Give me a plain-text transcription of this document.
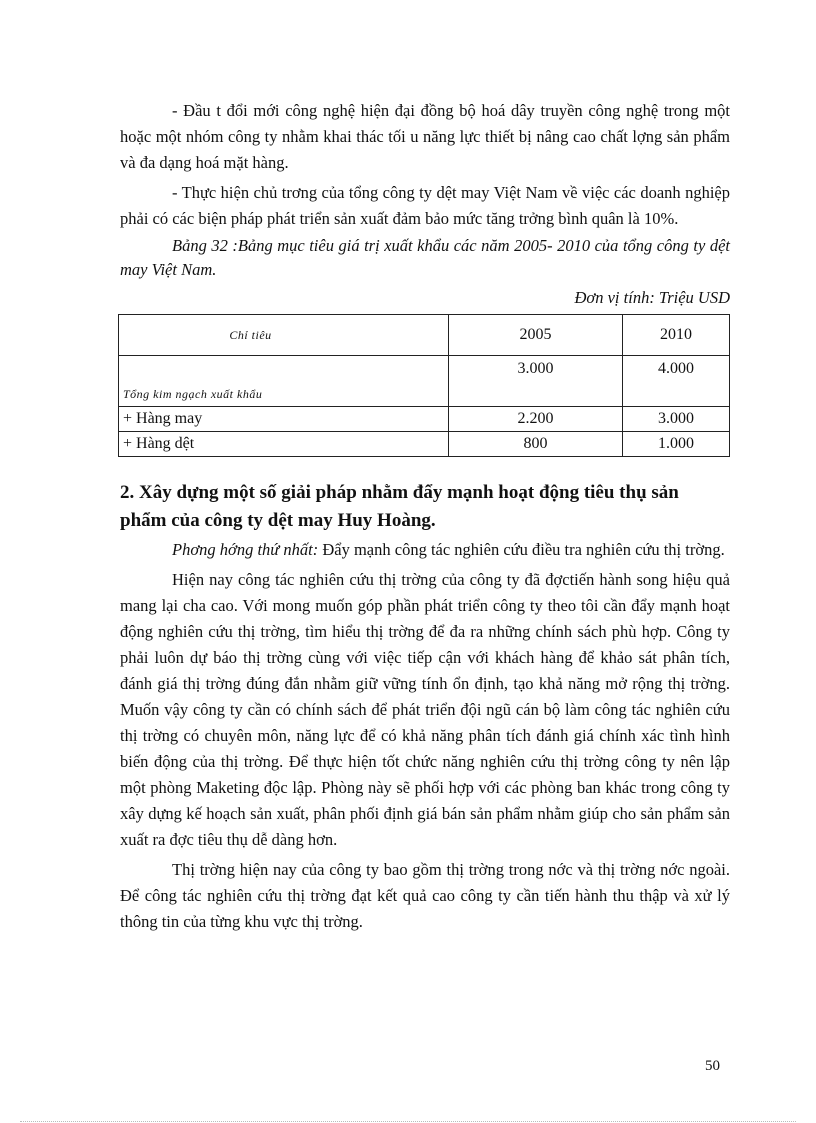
- Đầu t đổi mới công nghệ hiện đại đồng bộ hoá dây truyền công nghệ trong một hoặc một nhóm công ty nhằm khai thác tối u năng lực thiết bị nâng cao chất lợng sản phẩm và đa dạng hoá mặt hàng.

- Thực hiện chủ trơng của tổng công ty dệt may Việt Nam về việc các doanh nghiệp phải có các biện pháp phát triển sản xuất đảm bảo mức tăng trởng bình quân là 10%.

Bảng 32 :Bảng mục tiêu giá trị xuất khẩu các năm 2005- 2010 của tổng công ty dệt may Việt Nam.

Đơn vị tính: Triệu USD

Chỉ tiêu	2005	2010
Tổng kim ngạch xuất khẩu	3.000	4.000
+ Hàng may	2.200	3.000
+ Hàng dệt	800	1.000
2. Xây dựng một số giải pháp nhằm đẩy mạnh hoạt động tiêu thụ sản phẩm của công ty dệt may Huy Hoàng.

Phơng hớng thứ nhất: Đẩy mạnh công tác nghiên cứu điều tra nghiên cứu thị trờng.

Hiện nay công tác nghiên cứu thị trờng của công ty đã đợctiến hành song hiệu quả mang lại cha cao. Với mong muốn góp phần phát triển công ty theo tôi cần đẩy mạnh hoạt động nghiên cứu thị trờng, tìm hiểu thị trờng để đa ra những chính sách phù hợp. Công ty phải luôn dự báo thị trờng cùng với việc tiếp cận với khách hàng để khảo sát phân tích, đánh giá thị trờng đúng đắn nhằm giữ vững tính ổn định, tạo khả năng mở rộng thị trờng. Muốn vậy công ty cần có chính sách để phát triển đội ngũ cán bộ làm công tác nghiên cứu thị trờng có chuyên môn, năng lực để có khả năng phân tích đánh giá chính xác tình hình biến động của thị trờng. Để thực hiện tốt chức năng nghiên cứu thị trờng công ty nên lập một phòng Maketing độc lập. Phòng này sẽ phối hợp với các phòng ban khác trong công ty xây dựng kế hoạch sản xuất, phân phối định giá bán sản phẩm nhằm giúp cho sản phẩm sản xuất ra đợc tiêu thụ dễ dàng hơn.

Thị trờng hiện nay của công ty bao gồm thị trờng trong nớc và thị trờng nớc ngoài. Để công tác nghiên cứu thị trờng đạt kết quả cao công ty cần tiến hành thu thập và xử lý thông tin của từng khu vực thị trờng.

50
